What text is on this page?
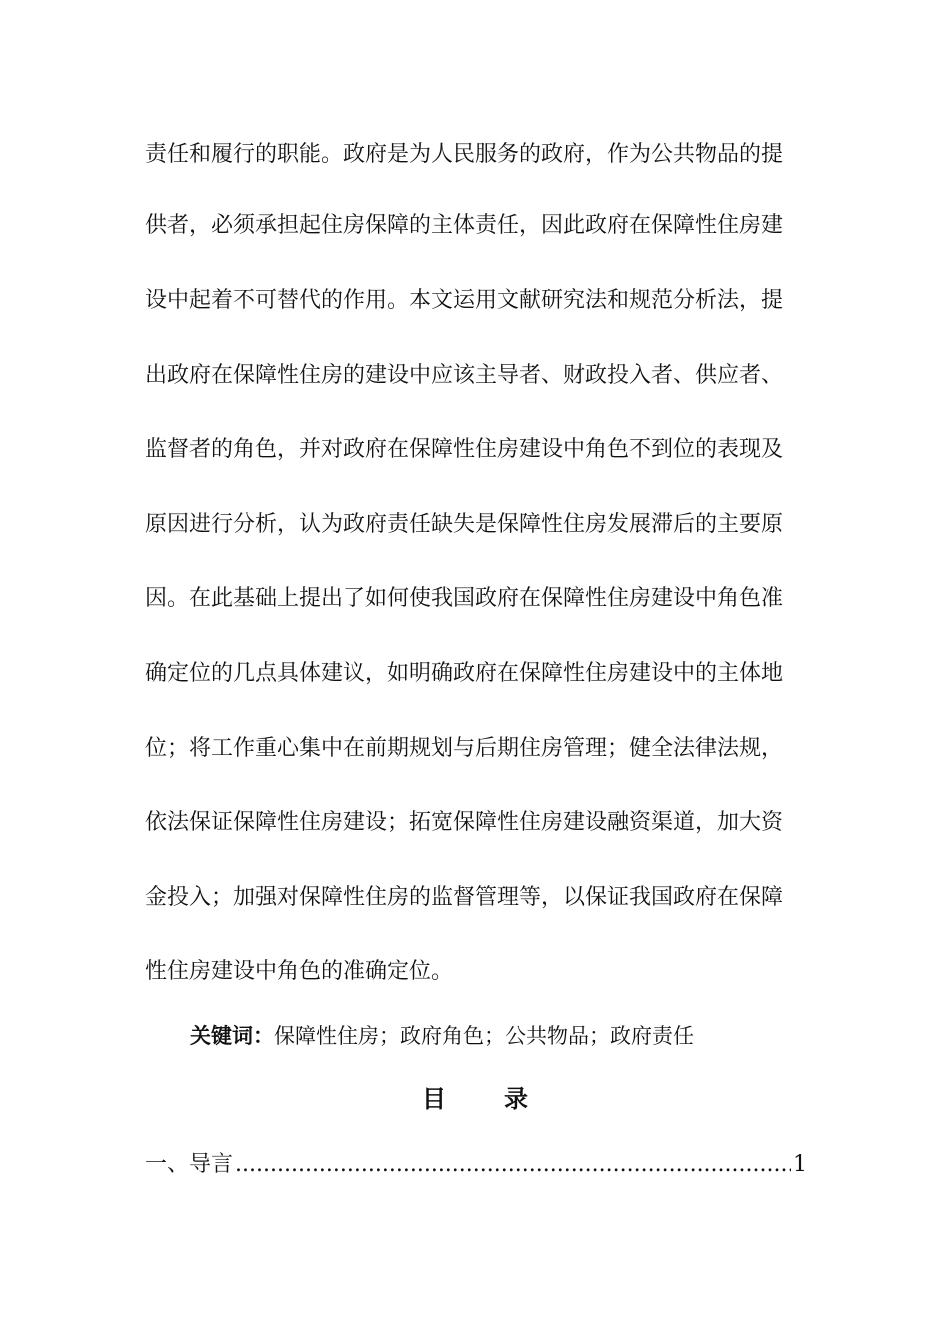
责任和履行的职能。政府是为人民服务的政府，作为公共物品的提
供者，必须承担起住房保障的主体责任，因此政府在保障性住房建
设中起着不可替代的作用。本文运用文献研究法和规范分析法，提
出政府在保障性住房的建设中应该主导者、财政投入者、供应者、
监督者的角色，并对政府在保障性住房建设中角色不到位的表现及
原因进行分析，认为政府责任缺失是保障性住房发展滞后的主要原
因。在此基础上提出了如何使我国政府在保障性住房建设中角色准
确定位的几点具体建议，如明确政府在保障性住房建设中的主体地
位；将工作重心集中在前期规划与后期住房管理；健全法律法规，
依法保证保障性住房建设；拓宽保障性住房建设融资渠道，加大资
金投入；加强对保障性住房的监督管理等，以保证我国政府在保障
性住房建设中角色的准确定位。
关键词：保障性住房；政府角色；公共物品；政府责任
目 录
一、导言
.....	1
